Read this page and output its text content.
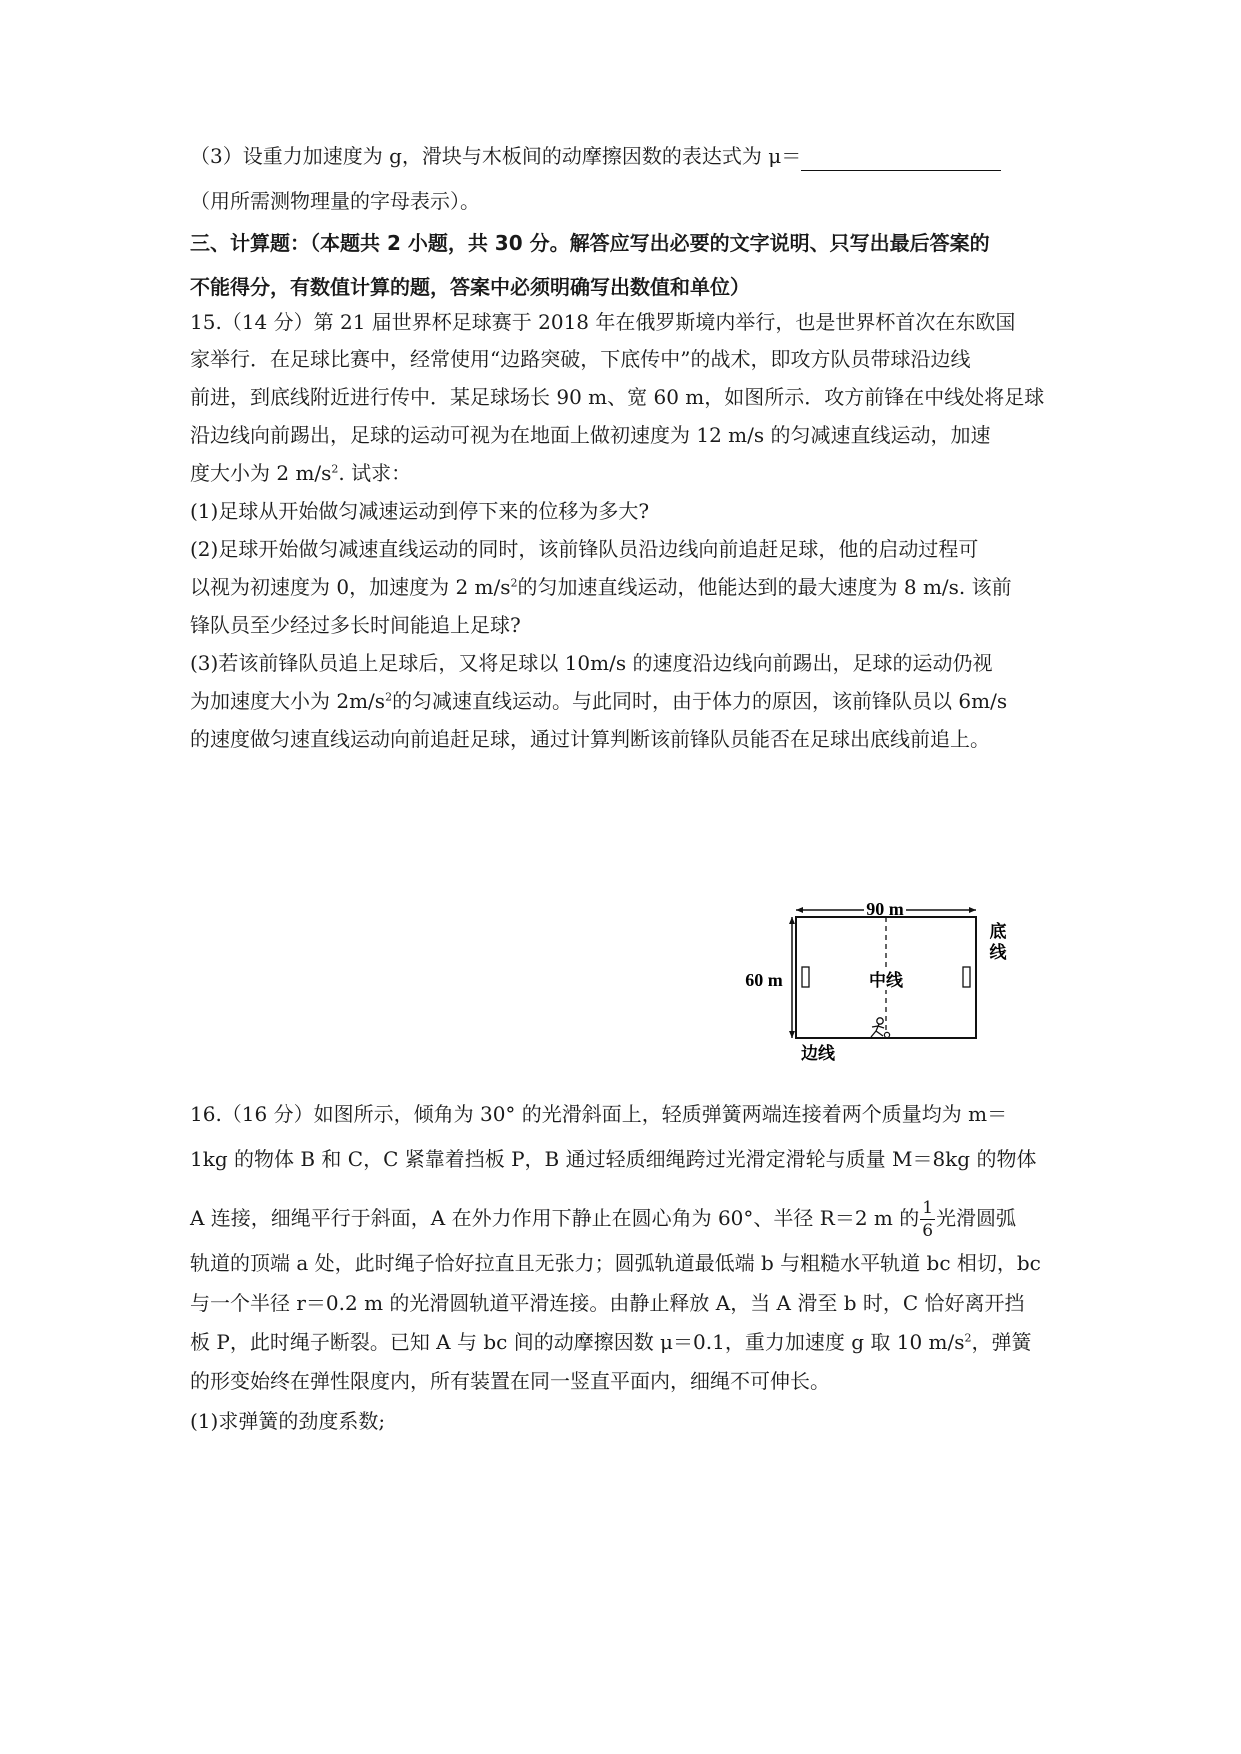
（3）设重力加速度为 g，滑块与木板间的动摩擦因数的表达式为 μ＝
（用所需测物理量的字母表示）。
三、计算题：（本题共 2 小题，共 30 分。解答应写出必要的文字说明、只写出最后答案的
不能得分，有数值计算的题，答案中必须明确写出数值和单位）
15.（14 分）第 21 届世界杯足球赛于 2018 年在俄罗斯境内举行，也是世界杯首次在东欧国
家举行．在足球比赛中，经常使用“边路突破，下底传中”的战术，即攻方队员带球沿边线
前进，到底线附近进行传中．某足球场长 90 m、宽 60 m，如图所示．攻方前锋在中线处将足球
沿边线向前踢出，足球的运动可视为在地面上做初速度为 12 m/s 的匀减速直线运动，加速
度大小为 2 $m/s^2$. 试求：
(1)足球从开始做匀减速运动到停下来的位移为多大?
(2)足球开始做匀减速直线运动的同时，该前锋队员沿边线向前追赶足球，他的启动过程可
以视为初速度为 0，加速度为 2 $m/s^2$的匀加速直线运动，他能达到的最大速度为 8 m/s. 该前
锋队员至少经过多长时间能追上足球?
(3)若该前锋队员追上足球后，又将足球以 10m/s 的速度沿边线向前踢出，足球的运动仍视
为加速度大小为 $2m/s^2$的匀减速直线运动。与此同时，由于体力的原因，该前锋队员以 6m/s
的速度做匀速直线运动向前追赶足球，通过计算判断该前锋队员能否在足球出底线前追上。
90 m
60 m	中线
底
线
边线
16.（16 分）如图所示，倾角为 30° 的光滑斜面上，轻质弹簧两端连接着两个质量均为 m＝
1kg 的物体 B 和 C，C 紧靠着挡板 P，B 通过轻质细绳跨过光滑定滑轮与质量 M＝8kg 的物体
A 连接，细绳平行于斜面，A 在外力作用下静止在圆心角为 60°、半径 R＝2 m 的 $\frac{1}{6}$ 光滑圆弧
轨道的顶端 a 处，此时绳子恰好拉直且无张力；圆弧轨道最低端 b 与粗糙水平轨道 bc 相切，bc
与一个半径 r＝0.2 m 的光滑圆轨道平滑连接。由静止释放 A，当 A 滑至 b 时，C 恰好离开挡
板 P，此时绳子断裂。已知 A 与 bc 间的动摩擦因数 μ＝0.1，重力加速度 g 取 10 $m/s^2$，弹簧
的形变始终在弹性限度内，所有装置在同一竖直平面内，细绳不可伸长。
(1)求弹簧的劲度系数;
